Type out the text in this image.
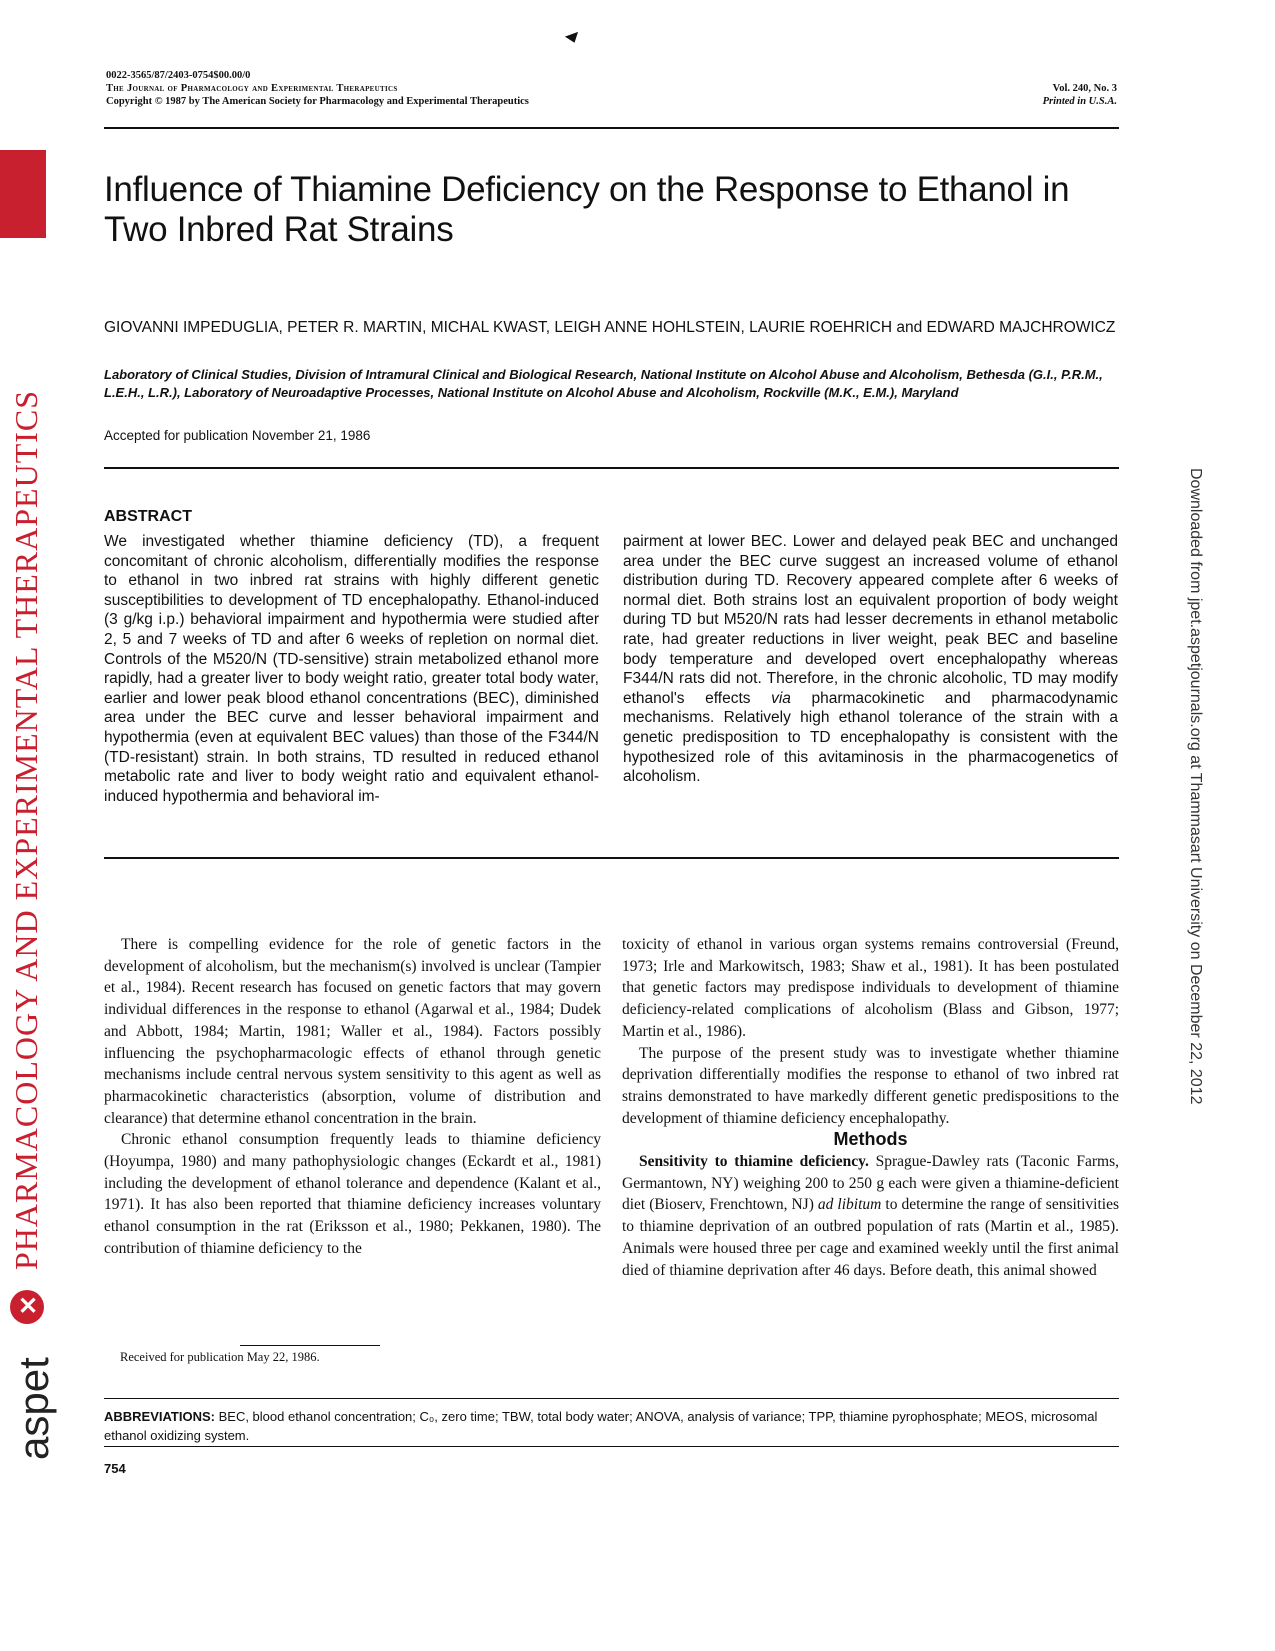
JPET
PHARMACOLOGY AND EXPERIMENTAL THERAPEUTICS
✕
aspet
Downloaded from jpet.aspetjournals.org at Thammasart University on December 22, 2012
0022-3565/87/2403-0754$00.00/0
The Journal of Pharmacology and Experimental Therapeutics
Copyright © 1987 by The American Society for Pharmacology and Experimental Therapeutics
Vol. 240, No. 3
Printed in U.S.A.
Influence of Thiamine Deficiency on the Response to Ethanol in Two Inbred Rat Strains
GIOVANNI IMPEDUGLIA, PETER R. MARTIN, MICHAL KWAST, LEIGH ANNE HOHLSTEIN, LAURIE ROEHRICH and EDWARD MAJCHROWICZ
Laboratory of Clinical Studies, Division of Intramural Clinical and Biological Research, National Institute on Alcohol Abuse and Alcoholism, Bethesda (G.I., P.R.M., L.E.H., L.R.), Laboratory of Neuroadaptive Processes, National Institute on Alcohol Abuse and Alcoholism, Rockville (M.K., E.M.), Maryland
Accepted for publication November 21, 1986
ABSTRACT
We investigated whether thiamine deficiency (TD), a frequent concomitant of chronic alcoholism, differentially modifies the response to ethanol in two inbred rat strains with highly different genetic susceptibilities to development of TD encephalopathy. Ethanol-induced (3 g/kg i.p.) behavioral impairment and hypothermia were studied after 2, 5 and 7 weeks of TD and after 6 weeks of repletion on normal diet. Controls of the M520/N (TD-sensitive) strain metabolized ethanol more rapidly, had a greater liver to body weight ratio, greater total body water, earlier and lower peak blood ethanol concentrations (BEC), diminished area under the BEC curve and lesser behavioral impairment and hypothermia (even at equivalent BEC values) than those of the F344/N (TD-resistant) strain. In both strains, TD resulted in reduced ethanol metabolic rate and liver to body weight ratio and equivalent ethanol-induced hypothermia and behavioral im-
pairment at lower BEC. Lower and delayed peak BEC and unchanged area under the BEC curve suggest an increased volume of ethanol distribution during TD. Recovery appeared complete after 6 weeks of normal diet. Both strains lost an equivalent proportion of body weight during TD but M520/N rats had lesser decrements in ethanol metabolic rate, had greater reductions in liver weight, peak BEC and baseline body temperature and developed overt encephalopathy whereas F344/N rats did not. Therefore, in the chronic alcoholic, TD may modify ethanol's effects via pharmacokinetic and pharmacodynamic mechanisms. Relatively high ethanol tolerance of the strain with a genetic predisposition to TD encephalopathy is consistent with the hypothesized role of this avitaminosis in the pharmacogenetics of alcoholism.

There is compelling evidence for the role of genetic factors in the development of alcoholism, but the mechanism(s) involved is unclear (Tampier et al., 1984). Recent research has focused on genetic factors that may govern individual differences in the response to ethanol (Agarwal et al., 1984; Dudek and Abbott, 1984; Martin, 1981; Waller et al., 1984). Factors possibly influencing the psychopharmacologic effects of ethanol through genetic mechanisms include central nervous system sensitivity to this agent as well as pharmacokinetic characteristics (absorption, volume of distribution and clearance) that determine ethanol concentration in the brain.

Chronic ethanol consumption frequently leads to thiamine deficiency (Hoyumpa, 1980) and many pathophysiologic changes (Eckardt et al., 1981) including the development of ethanol tolerance and dependence (Kalant et al., 1971). It has also been reported that thiamine deficiency increases voluntary ethanol consumption in the rat (Eriksson et al., 1980; Pekkanen, 1980). The contribution of thiamine deficiency to the

toxicity of ethanol in various organ systems remains controversial (Freund, 1973; Irle and Markowitsch, 1983; Shaw et al., 1981). It has been postulated that genetic factors may predispose individuals to development of thiamine deficiency-related complications of alcoholism (Blass and Gibson, 1977; Martin et al., 1986).

The purpose of the present study was to investigate whether thiamine deprivation differentially modifies the response to ethanol of two inbred rat strains demonstrated to have markedly different genetic predispositions to the development of thiamine deficiency encephalopathy.

Methods

Sensitivity to thiamine deficiency. Sprague-Dawley rats (Taconic Farms, Germantown, NY) weighing 200 to 250 g each were given a thiamine-deficient diet (Bioserv, Frenchtown, NJ) ad libitum to determine the range of sensitivities to thiamine deprivation of an outbred population of rats (Martin et al., 1985). Animals were housed three per cage and examined weekly until the first animal died of thiamine deprivation after 46 days. Before death, this animal showed

Received for publication May 22, 1986.
ABBREVIATIONS: BEC, blood ethanol concentration; C₀, zero time; TBW, total body water; ANOVA, analysis of variance; TPP, thiamine pyrophosphate; MEOS, microsomal ethanol oxidizing system.
754
